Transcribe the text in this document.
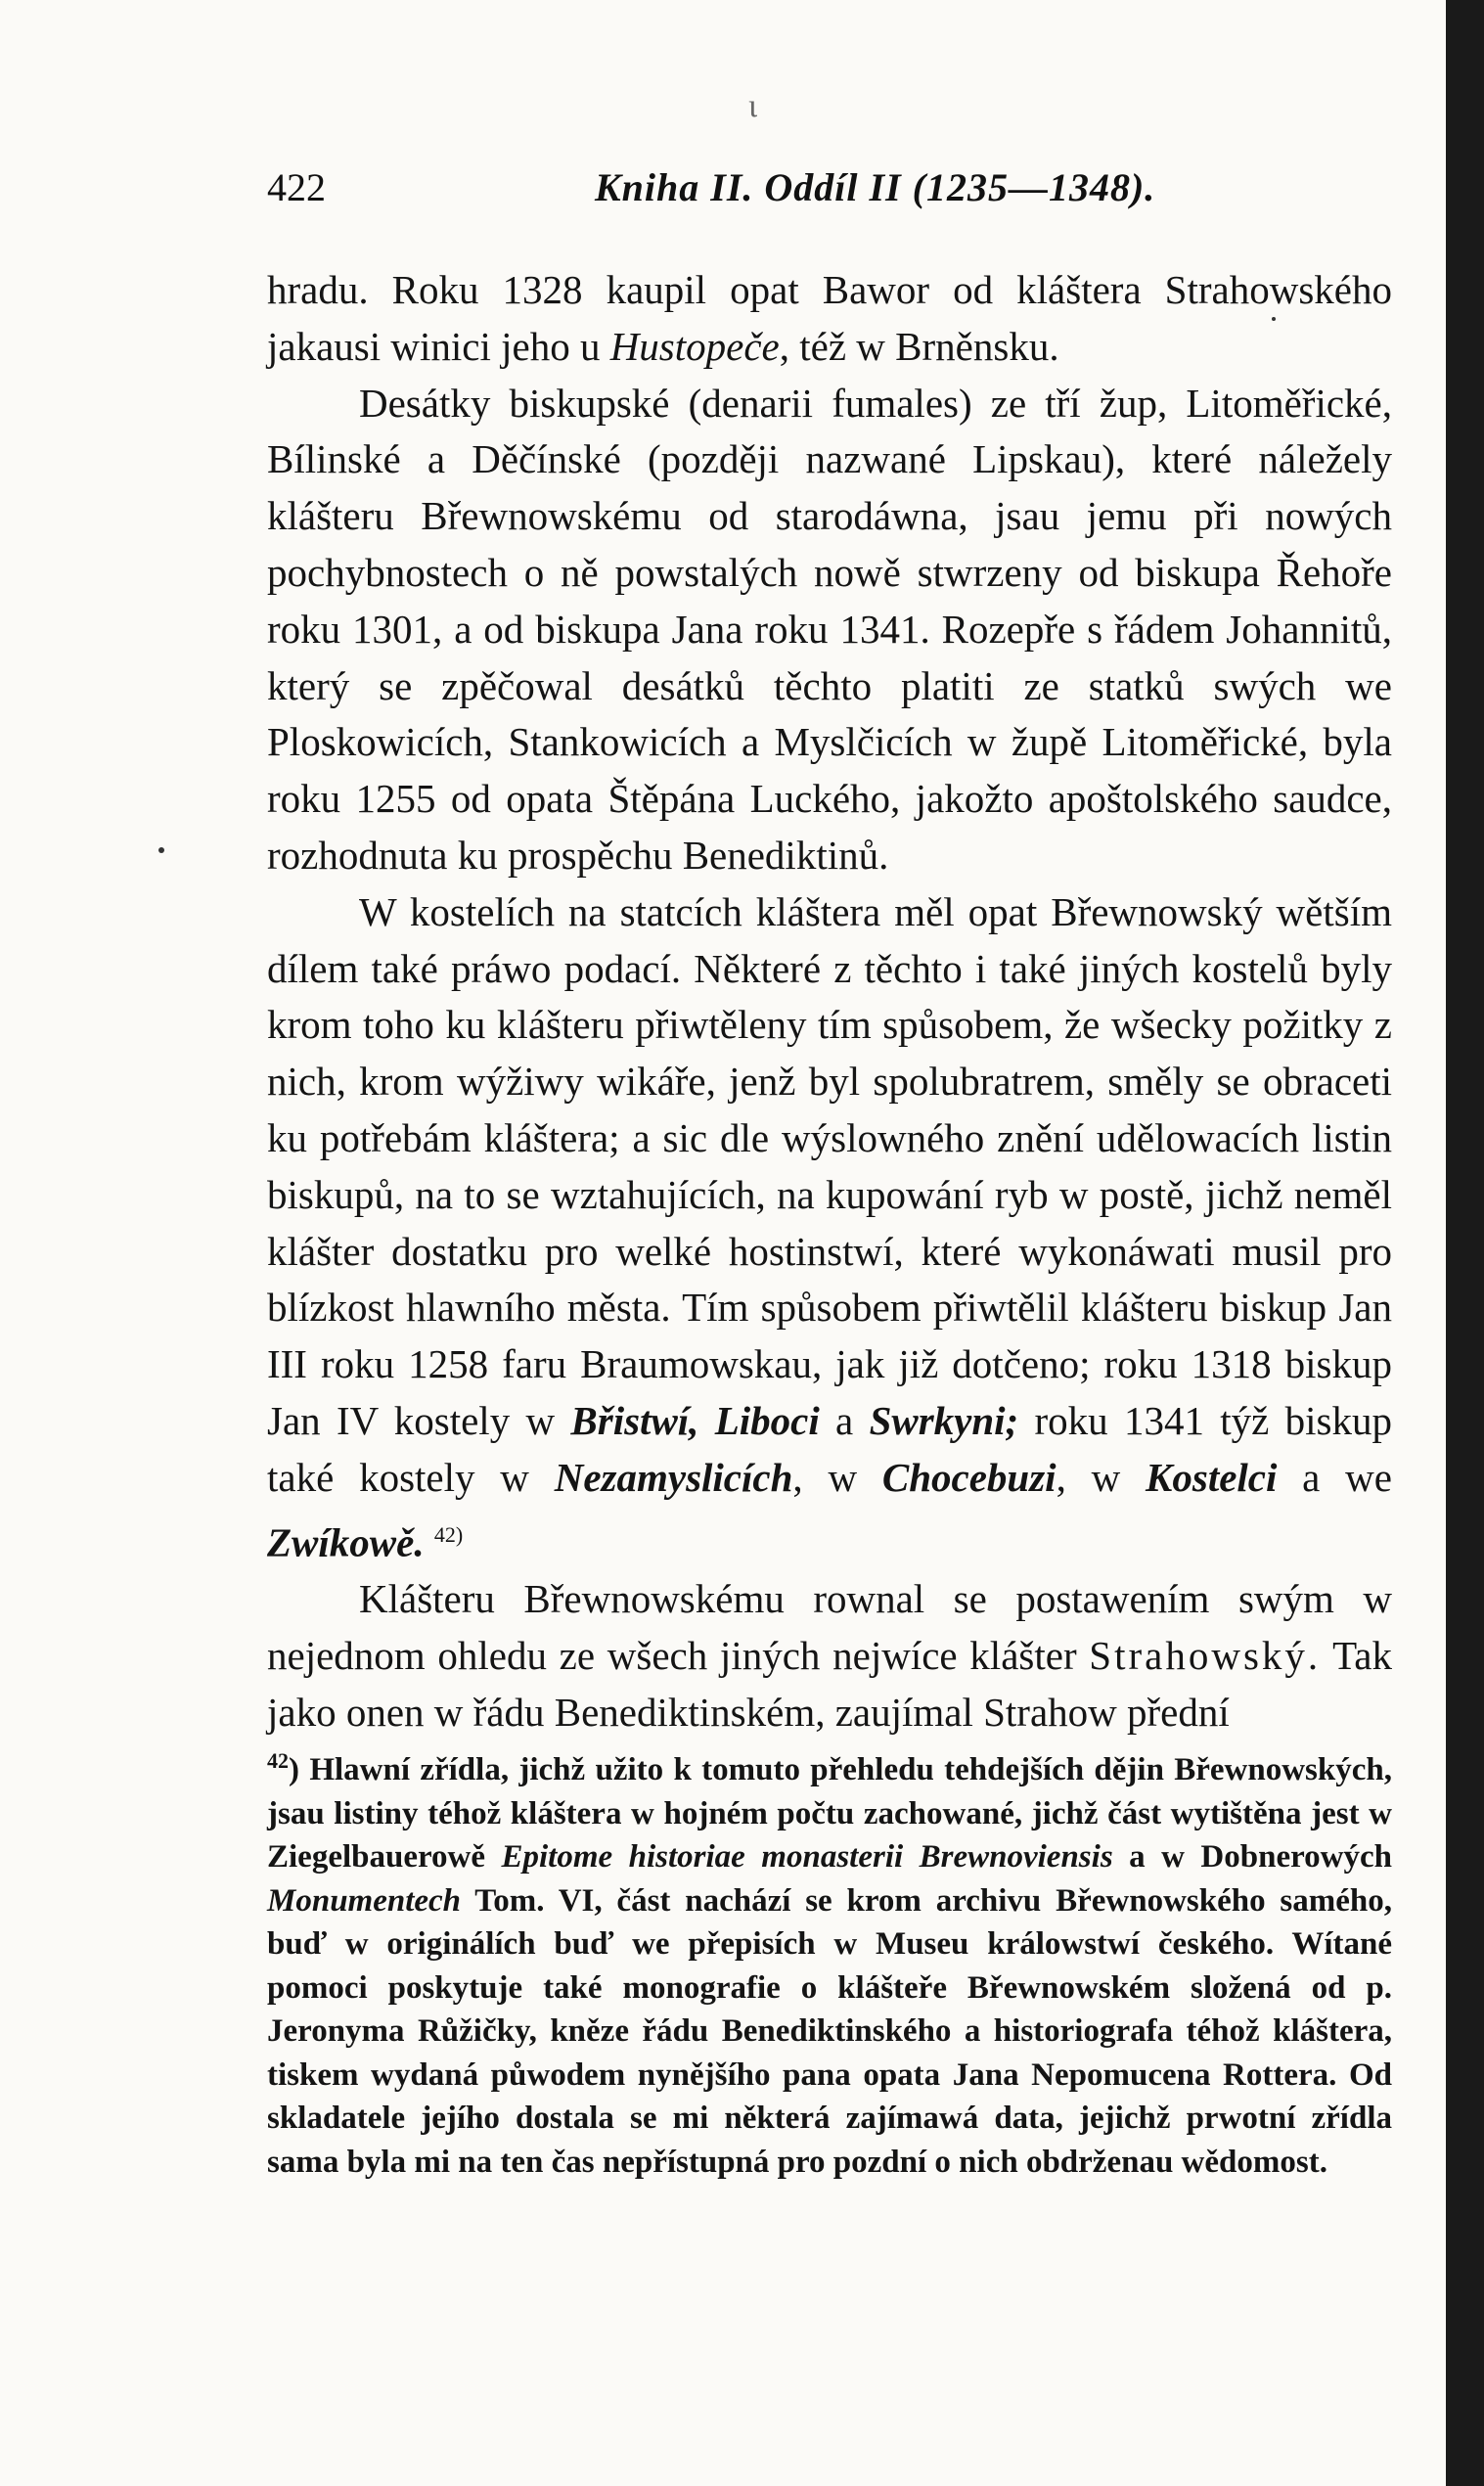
ι
422	Kniha II. Oddíl II (1235—1348).

hradu. Roku 1328 kaupil opat Bawor od kláštera Strahowského jakausi winici jeho u Hustopeče, též w Brněnsku.

Desátky biskupské (denarii fumales) ze tří žup, Litoměřické, Bílinské a Děčínské (později nazwané Lipskau), které náležely klášteru Břewnowskému od starodáwna, jsau jemu při nowých pochybnostech o ně powstalých nowě stwrzeny od biskupa Řehoře roku 1301, a od biskupa Jana roku 1341. Rozepře s řádem Johannitů, který se zpěčowal desátků těchto platiti ze statků swých we Ploskowicích, Stankowicích a Myslčicích w župě Litoměřické, byla roku 1255 od opata Štěpána Luckého, jakožto apoštolského saudce, rozhodnuta ku prospěchu Benediktinů.

W kostelích na statcích kláštera měl opat Břewnowský wětším dílem také práwo podací. Některé z těchto i také jiných kostelů byly krom toho ku klášteru přiwtěleny tím spůsobem, že wšecky požitky z nich, krom wýžiwy wikáře, jenž byl spolubratrem, směly se obraceti ku potřebám kláštera; a sic dle wýslowného znění udělowacích listin biskupů, na to se wztahujících, na kupowání ryb w postě, jichž neměl klášter dostatku pro welké hostinstwí, které wykonáwati musil pro blízkost hlawního města. Tím spůsobem přiwtělil klášteru biskup Jan III roku 1258 faru Braumowskau, jak již dotčeno; roku 1318 biskup Jan IV kostely w Břistwí, Liboci a Swrkyni; roku 1341 týž biskup také kostely w Nezamyslicích, w Chocebuzi, w Kostelci a we Zwíkowě. $^{42)}$

Klášteru Břewnowskému rownal se postawením swým w nejednom ohledu ze wšech jiných nejwíce klášter Strahowský. Tak jako onen w řádu Benediktinském, zaujímal Strahow přední

$^{42}$) Hlawní zřídla, jichž užito k tomuto přehledu tehdejších dějin Břewnowských, jsau listiny téhož kláštera w hojném počtu zachowané, jichž část wytištěna jest w Ziegelbauerowě Epitome historiae monasterii Brewnoviensis a w Dobnerowých Monumentech Tom. VI, část nachází se krom archivu Břewnowského samého, buď w originálích buď we přepisích w Museu králowstwí českého. Wítané pomoci poskytuje také monografie o klášteře Břewnowském složená od p. Jeronyma Růžičky, kněze řádu Benediktinského a historiografa téhož kláštera, tiskem wydaná půwodem nynějšího pana opata Jana Nepomucena Rottera. Od skladatele jejího dostala se mi některá zajímawá data, jejichž prwotní zřídla sama byla mi na ten čas nepřístupná pro pozdní o nich obdrženau wědomost.
